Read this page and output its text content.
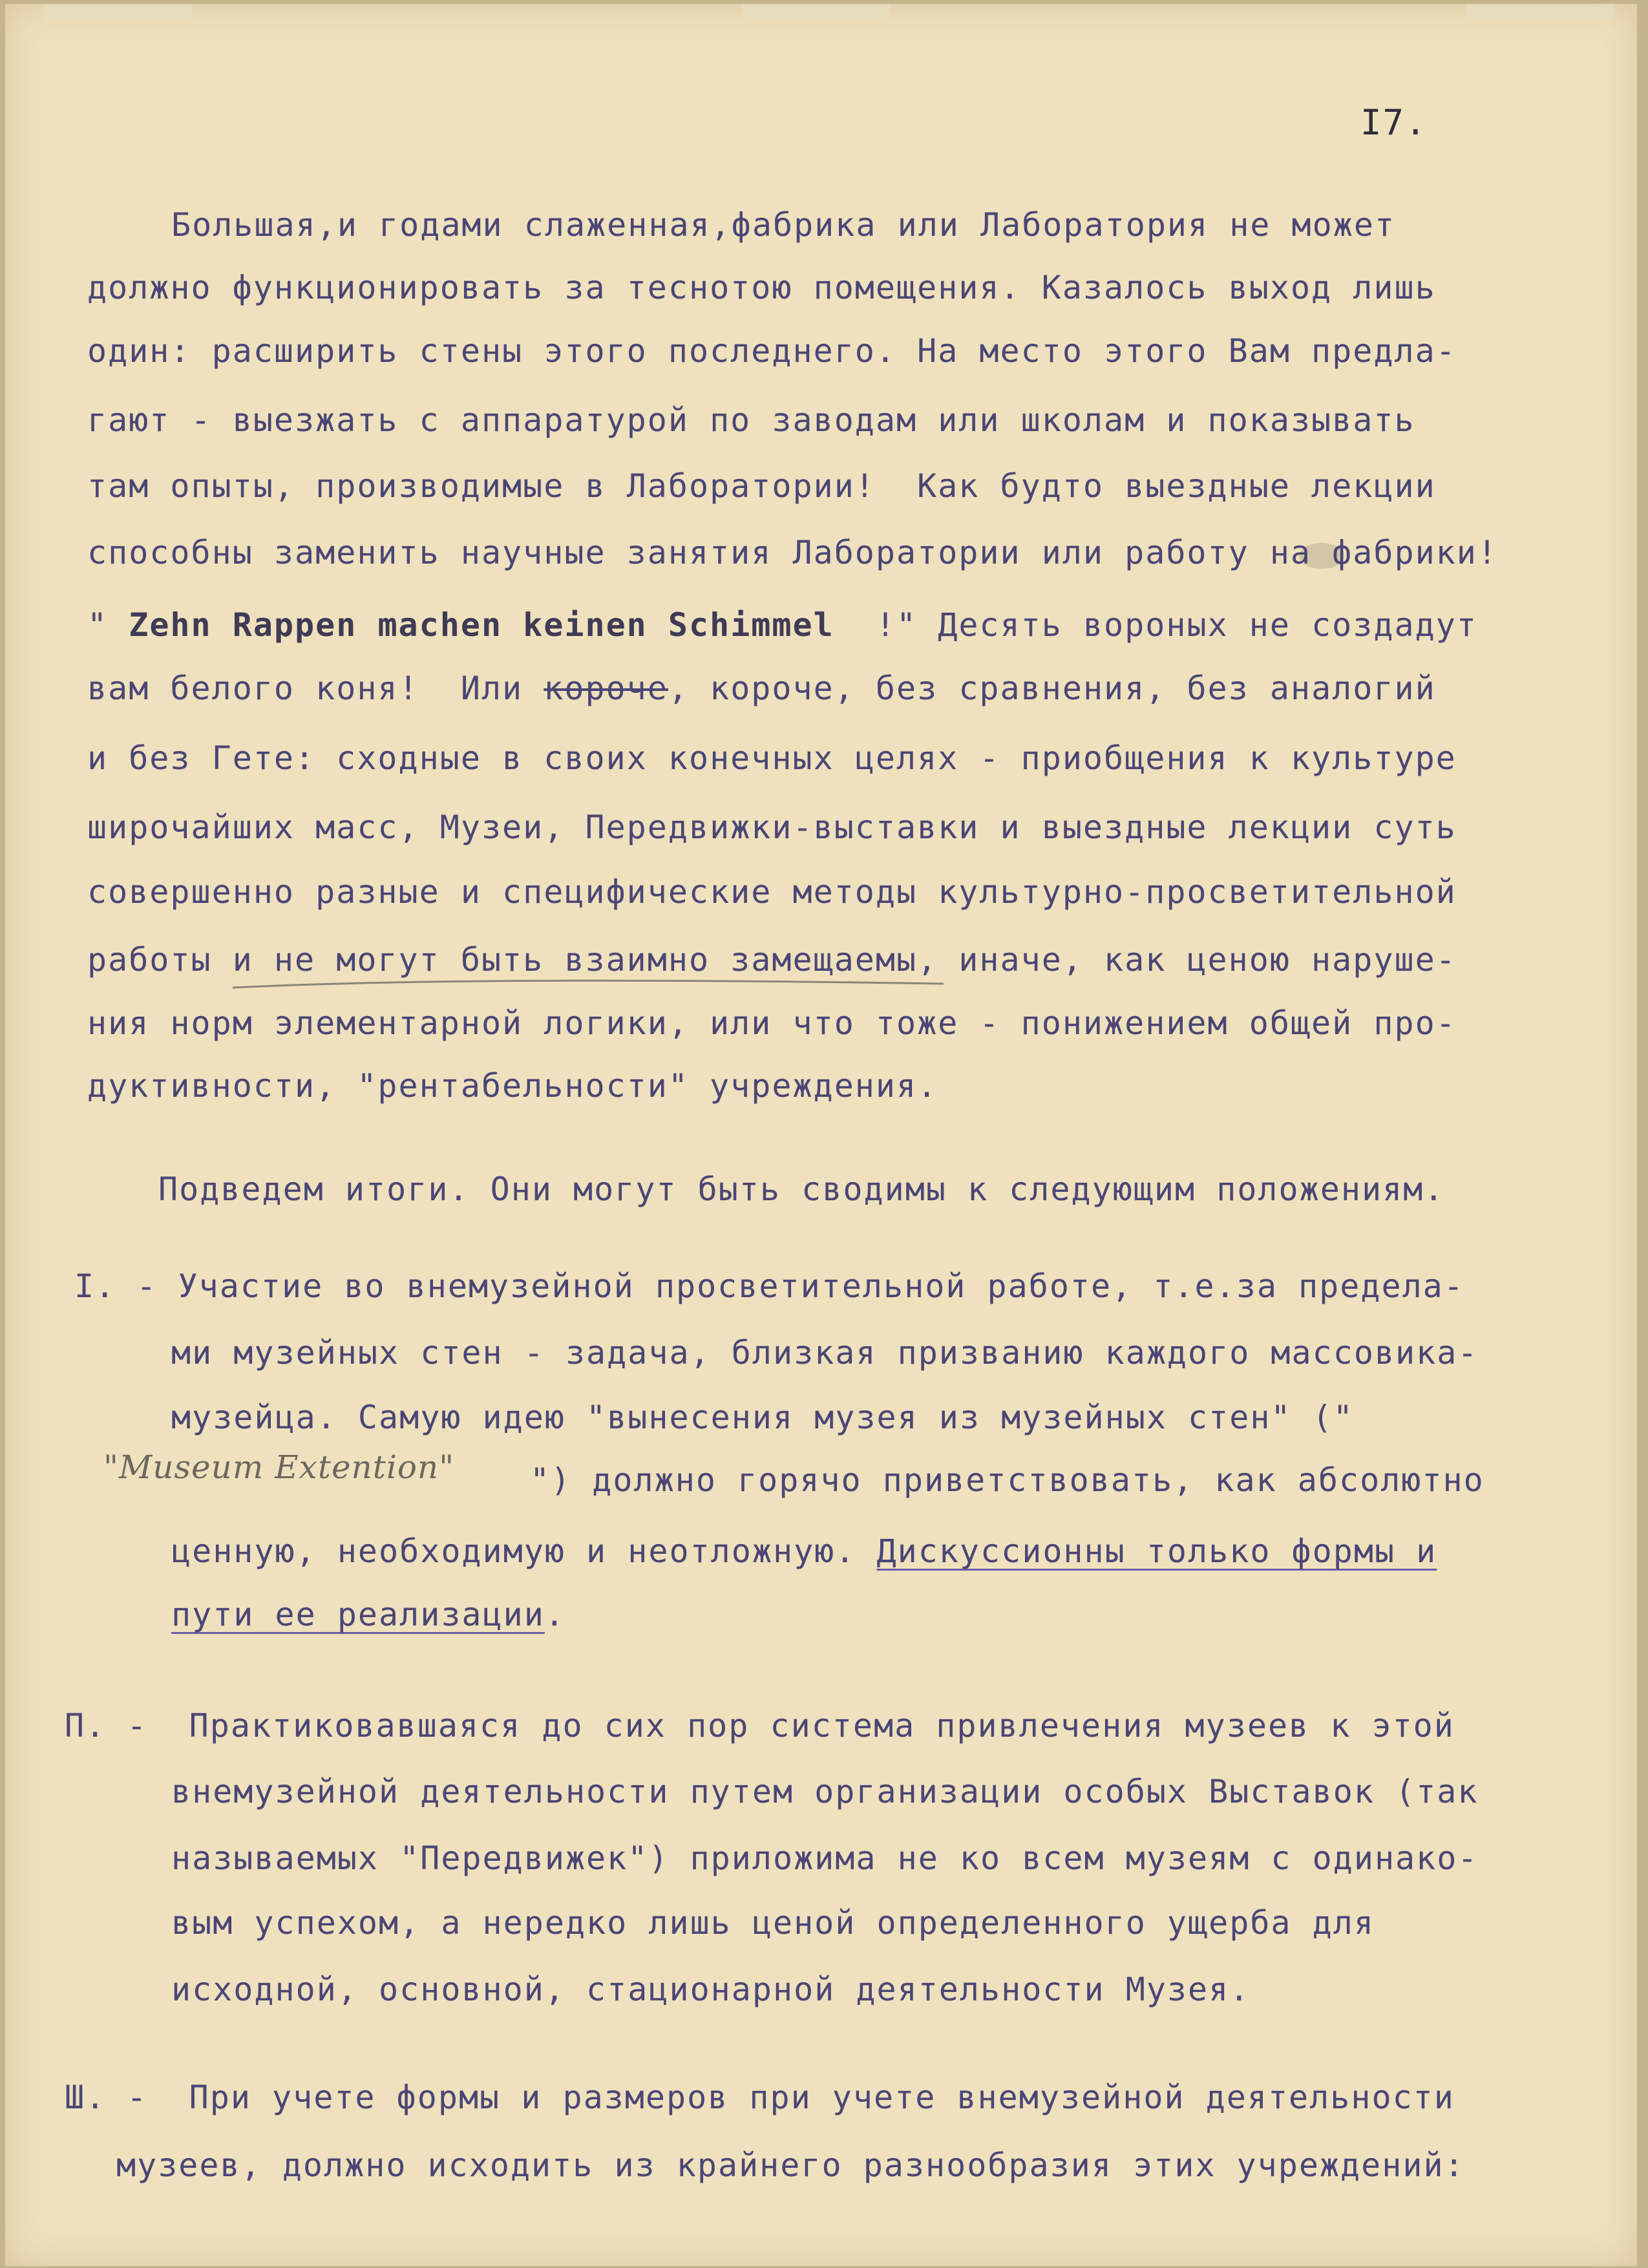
I7.
Большая,и годами слаженная,фабрика или Лаборатория не может
должно функционировать за теснотою помещения. Казалось выход лишь
один: расширить стены этого последнего. На место этого Вам предла-
гают - выезжать с аппаратурой по заводам или школам и показывать
там опыты, производимые в Лаборатории!  Как будто выездные лекции
способны заменить научные занятия Лаборатории или работу на фабрики!
" Zehn Rappen machen keinen Schimmel  !" Десять вороных не создадут
вам белого коня!  Или короче, короче, без сравнения, без аналогий
и без Гете: сходные в своих конечных целях - приобщения к культуре
широчайших масс, Музеи, Передвижки-выставки и выездные лекции суть
совершенно разные и специфические методы культурно-просветительной
работы и не могут быть взаимно замещаемы, иначе, как ценою наруше-
ния норм элементарной логики, или что тоже - понижением общей про-
дуктивности, "рентабельности" учреждения.
Подведем итоги. Они могут быть сводимы к следующим положениям.
I. - Участие во внемузейной просветительной работе, т.е.за предела-
ми музейных стен - задача, близкая призванию каждого массовика-
музейца. Самую идею "вынесения музея из музейных стен" ("
") должно горячо приветствовать, как абсолютно
ценную, необходимую и неотложную. Дискуссионны только формы и
пути ее реализации.
П. -  Практиковавшаяся до сих пор система привлечения музеев к этой
внемузейной деятельности путем организации особых Выставок (так
называемых "Передвижек") приложима не ко всем музеям с одинако-
вым успехом, а нередко лишь ценой определенного ущерба для
исходной, основной, стационарной деятельности Музея.
Ш. -  При учете формы и размеров при учете внемузейной деятельности
музеев, должно исходить из крайнего разнообразия этих учреждений:
"Museum Extention"
